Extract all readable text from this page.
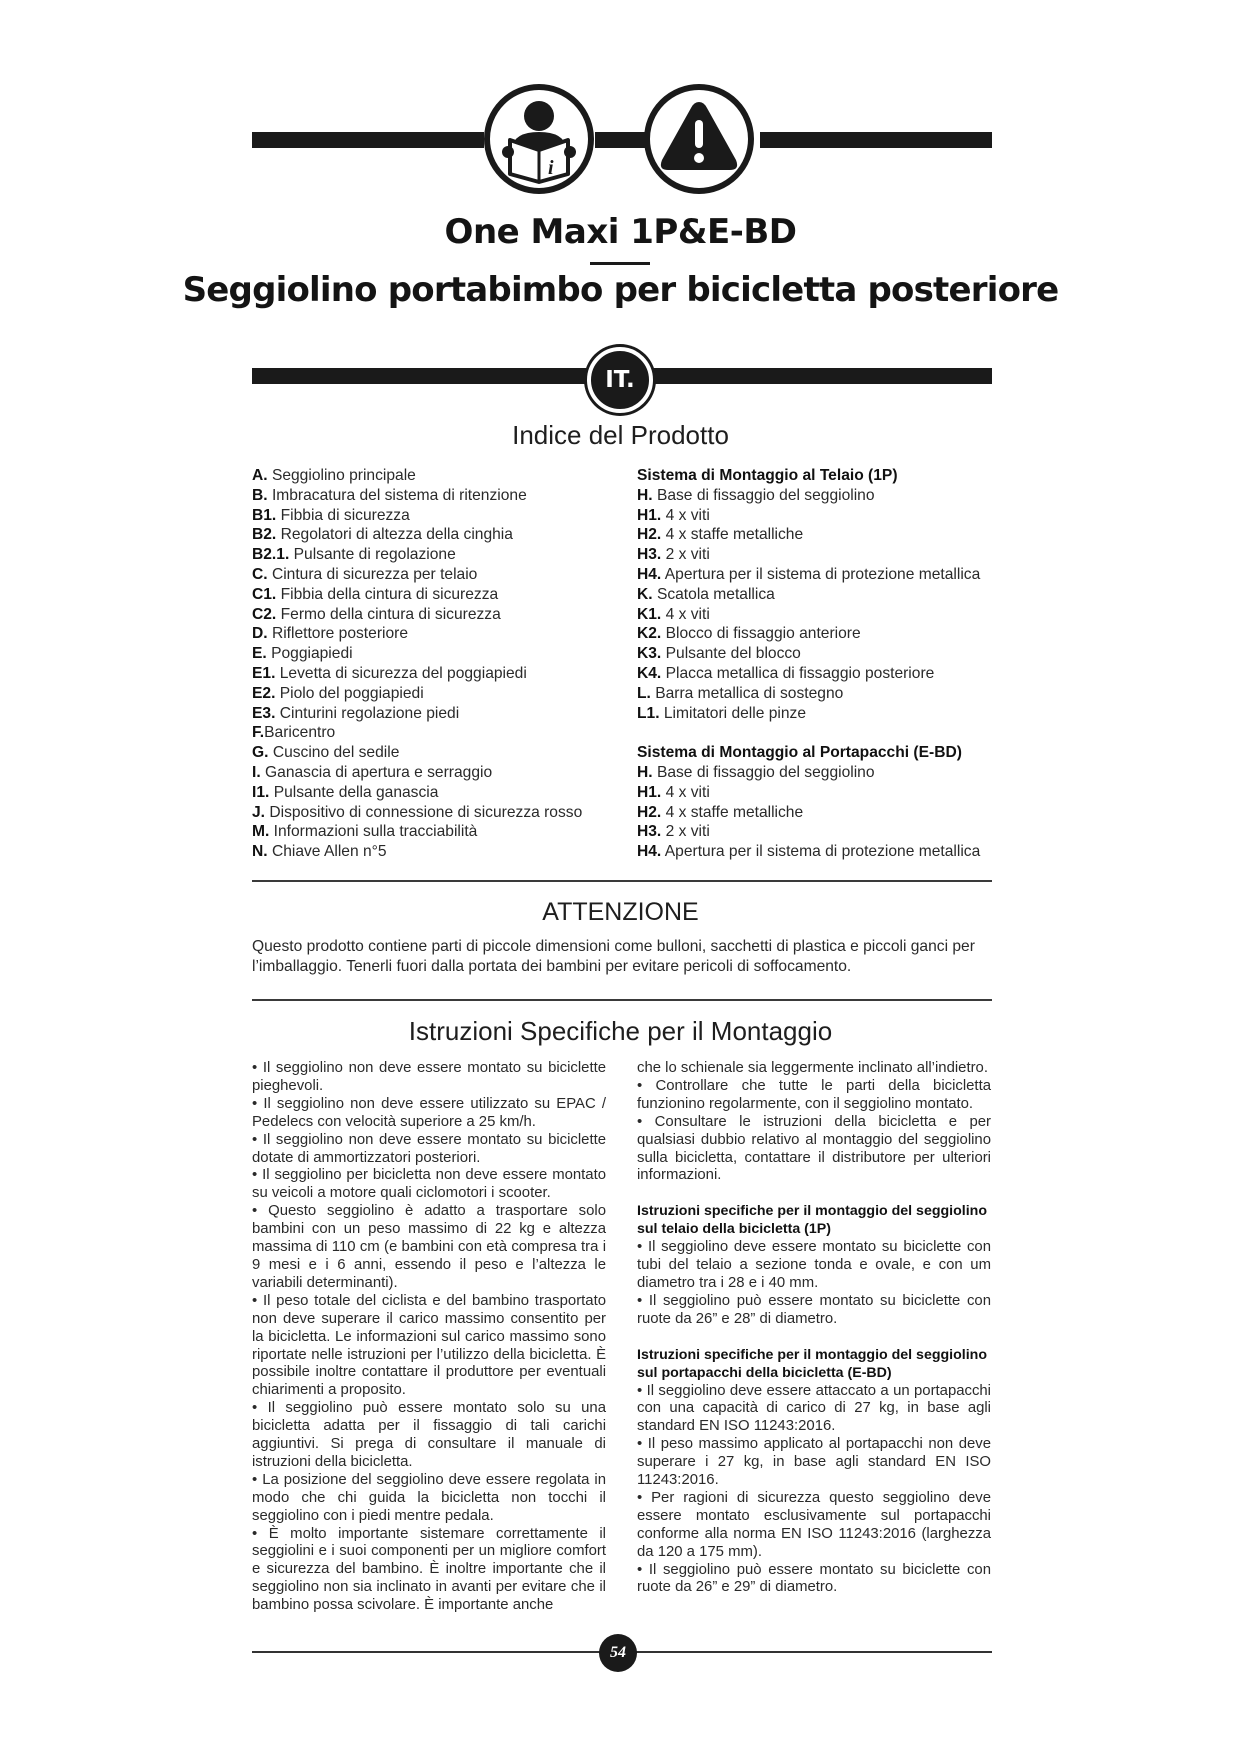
i
One Maxi 1P&E-BD
Seggiolino portabimbo per bicicletta posteriore
IT.
Indice del Prodotto
A. Seggiolino principale
B. Imbracatura del sistema di ritenzione
B1. Fibbia di sicurezza
B2. Regolatori di altezza della cinghia
B2.1. Pulsante di regolazione
C. Cintura di sicurezza per telaio
C1. Fibbia della cintura di sicurezza
C2. Fermo della cintura di sicurezza
D. Riflettore posteriore
E. Poggiapiedi
E1. Levetta di sicurezza del poggiapiedi
E2. Piolo del poggiapiedi
E3. Cinturini regolazione piedi
F.Baricentro
G. Cuscino del sedile
I. Ganascia di apertura e serraggio
I1. Pulsante della ganascia
J. Dispositivo di connessione di sicurezza rosso
M. Informazioni sulla tracciabilità
N. Chiave Allen n°5
Sistema di Montaggio al Telaio (1P)
H. Base di fissaggio del seggiolino
H1. 4 x viti
H2. 4 x staffe metalliche
H3. 2 x viti
H4. Apertura per il sistema di protezione metallica
K. Scatola metallica
K1. 4 x viti
K2. Blocco di fissaggio anteriore
K3. Pulsante del blocco
K4. Placca metallica di fissaggio posteriore
L. Barra metallica di sostegno
L1. Limitatori delle pinze
Sistema di Montaggio al Portapacchi (E-BD)
H. Base di fissaggio del seggiolino
H1. 4 x viti
H2. 4 x staffe metalliche
H3. 2 x viti
H4. Apertura per il sistema di protezione metallica
ATTENZIONE
Questo prodotto contiene parti di piccole dimensioni come bulloni, sacchetti di plastica e piccoli ganci per l’imballaggio. Tenerli fuori dalla portata dei bambini per evitare pericoli di soffocamento.
Istruzioni Specifiche per il Montaggio

• Il seggiolino non deve essere montato su biciclette pieghevoli.

• Il seggiolino non deve essere utilizzato su EPAC / Pedelecs con velocità superiore a 25 km/h.

• Il seggiolino non deve essere montato su biciclette dotate di ammortizzatori posteriori.

• Il seggiolino per bicicletta non deve essere montato su veicoli a motore quali ciclomotori i scooter.

• Questo seggiolino è adatto a trasportare solo bambini con un peso massimo di 22 kg e altezza massima di 110 cm (e bambini con età compresa tra i 9 mesi e i 6 anni, essendo il peso e l’altezza le variabili determinanti).

• Il peso totale del ciclista e del bambino trasportato non deve superare il carico massimo consentito per la bicicletta. Le informazioni sul carico massimo sono riportate nelle istruzioni per l’utilizzo della bicicletta. È possibile inoltre contattare il produttore per eventuali chiarimenti a proposito.

• Il seggiolino può essere montato solo su una bicicletta adatta per il fissaggio di tali carichi aggiuntivi. Si prega di consultare il manuale di istruzioni della bicicletta.

• La posizione del seggiolino deve essere regolata in modo che chi guida la bicicletta non tocchi il seggiolino con i piedi mentre pedala.

• È molto importante sistemare correttamente il seggiolini e i suoi componenti per un migliore comfort e sicurezza del bambino. È inoltre importante che il seggiolino non sia inclinato in avanti per evitare che il bambino possa scivolare. È importante anche

che lo schienale sia leggermente inclinato all’indietro.

• Controllare che tutte le parti della bicicletta funzionino regolarmente, con il seggiolino montato.

• Consultare le istruzioni della bicicletta e per qualsiasi dubbio relativo al montaggio del seggiolino sulla bicicletta, contattare il distributore per ulteriori informazioni.

Istruzioni specifiche per il montaggio del seggiolino sul telaio della bicicletta (1P)

• Il seggiolino deve essere montato su biciclette con tubi del telaio a sezione tonda e ovale, e con um diametro tra i 28 e i 40 mm.

• Il seggiolino può essere montato su biciclette con ruote da 26” e 28” di diametro.

Istruzioni specifiche per il montaggio del seggiolino sul portapacchi della bicicletta (E-BD)

• Il seggiolino deve essere attaccato a un portapacchi con una capacità di carico di 27 kg, in base agli standard EN ISO 11243:2016.

• Il peso massimo applicato al portapacchi non deve superare i 27 kg, in base agli standard EN ISO 11243:2016.

• Per ragioni di sicurezza questo seggiolino deve essere montato esclusivamente sul portapacchi conforme alla norma EN ISO 11243:2016 (larghezza da 120 a 175 mm).

• Il seggiolino può essere montato su biciclette con ruote da 26” e 29” di diametro.

54
